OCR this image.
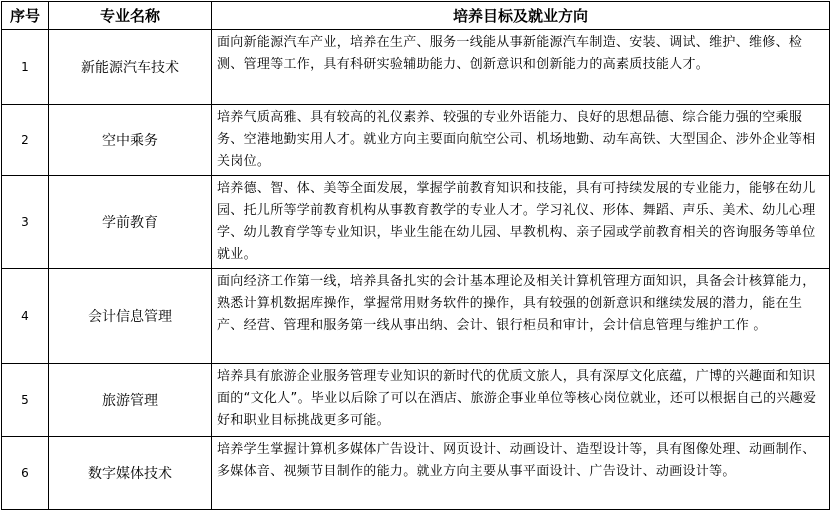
序号	专业名称	培养目标及就业方向
1	新能源汽车技术	面向新能源汽车产业，培养在生产、服务一线能从事新能源汽车制造、安装、调试、维护、维修、检测、管理等工作，具有科研实验辅助能力、创新意识和创新能力的高素质技能人才。
2	空中乘务	培养气质高雅、具有较高的礼仪素养、较强的专业外语能力、良好的思想品德、综合能力强的空乘服务、空港地勤实用人才。就业方向主要面向航空公司、机场地勤、动车高铁、大型国企、涉外企业等相关岗位。
3	学前教育	培养德、智、体、美等全面发展，掌握学前教育知识和技能，具有可持续发展的专业能力，能够在幼儿园、托儿所等学前教育机构从事教育教学的专业人才。学习礼仪、形体、舞蹈、声乐、美术、幼儿心理学、幼儿教育学等专业知识，毕业生能在幼儿园、早教机构、亲子园或学前教育相关的咨询服务等单位就业。
4	会计信息管理	面向经济工作第一线，培养具备扎实的会计基本理论及相关计算机管理方面知识，具备会计核算能力，熟悉计算机数据库操作，掌握常用财务软件的操作，具有较强的创新意识和继续发展的潜力，能在生产、经营、管理和服务第一线从事出纳、会计、银行柜员和审计，会计信息管理与维护工作 。
5	旅游管理	培养具有旅游企业服务管理专业知识的新时代的优质文旅人，具有深厚文化底蕴，广博的兴趣面和知识面的“文化人”。毕业以后除了可以在酒店、旅游企事业单位等核心岗位就业，还可以根据自己的兴趣爱好和职业目标挑战更多可能。
6	数字媒体技术	培养学生掌握计算机多媒体广告设计、网页设计、动画设计、造型设计等，具有图像处理、动画制作、多媒体音、视频节目制作的能力。就业方向主要从事平面设计、广告设计、动画设计等。
